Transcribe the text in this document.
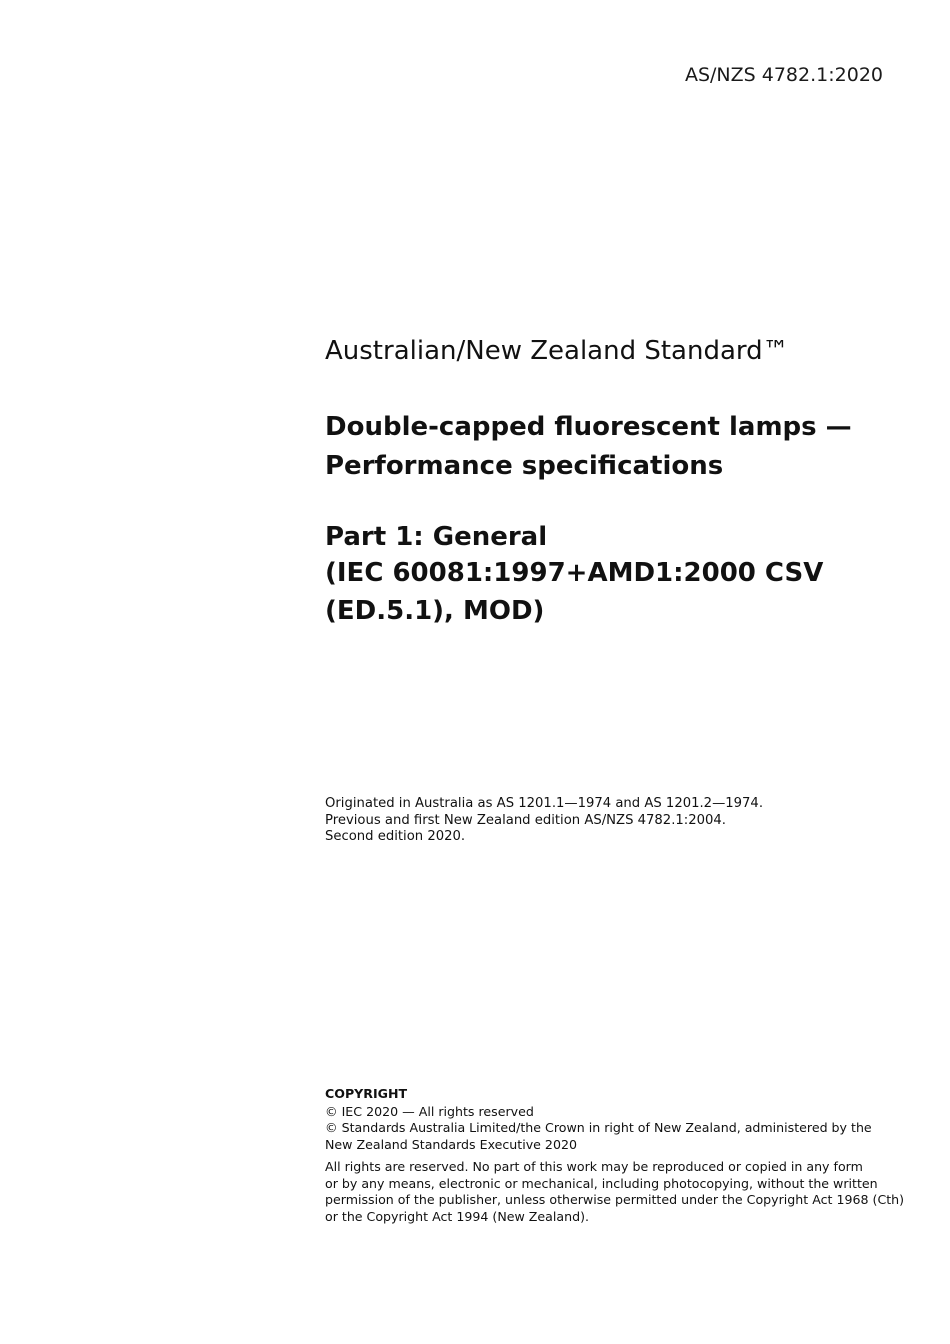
AS/NZS 4782.1:2020
Australian/New Zealand Standard™
Double-capped fluorescent lamps —
Performance specifications
Part 1: General
(IEC 60081:1997+AMD1:2000 CSV
(ED.5.1), MOD)
Originated in Australia as AS 1201.1—1974 and AS 1201.2—1974.
Previous and first New Zealand edition AS/NZS 4782.1:2004.
Second edition 2020.
COPYRIGHT
© IEC 2020 — All rights reserved
© Standards Australia Limited/the Crown in right of New Zealand, administered by the
New Zealand Standards Executive 2020
All rights are reserved. No part of this work may be reproduced or copied in any form
or by any means, electronic or mechanical, including photocopying, without the written
permission of the publisher, unless otherwise permitted under the Copyright Act 1968 (Cth)
or the Copyright Act 1994 (New Zealand).
